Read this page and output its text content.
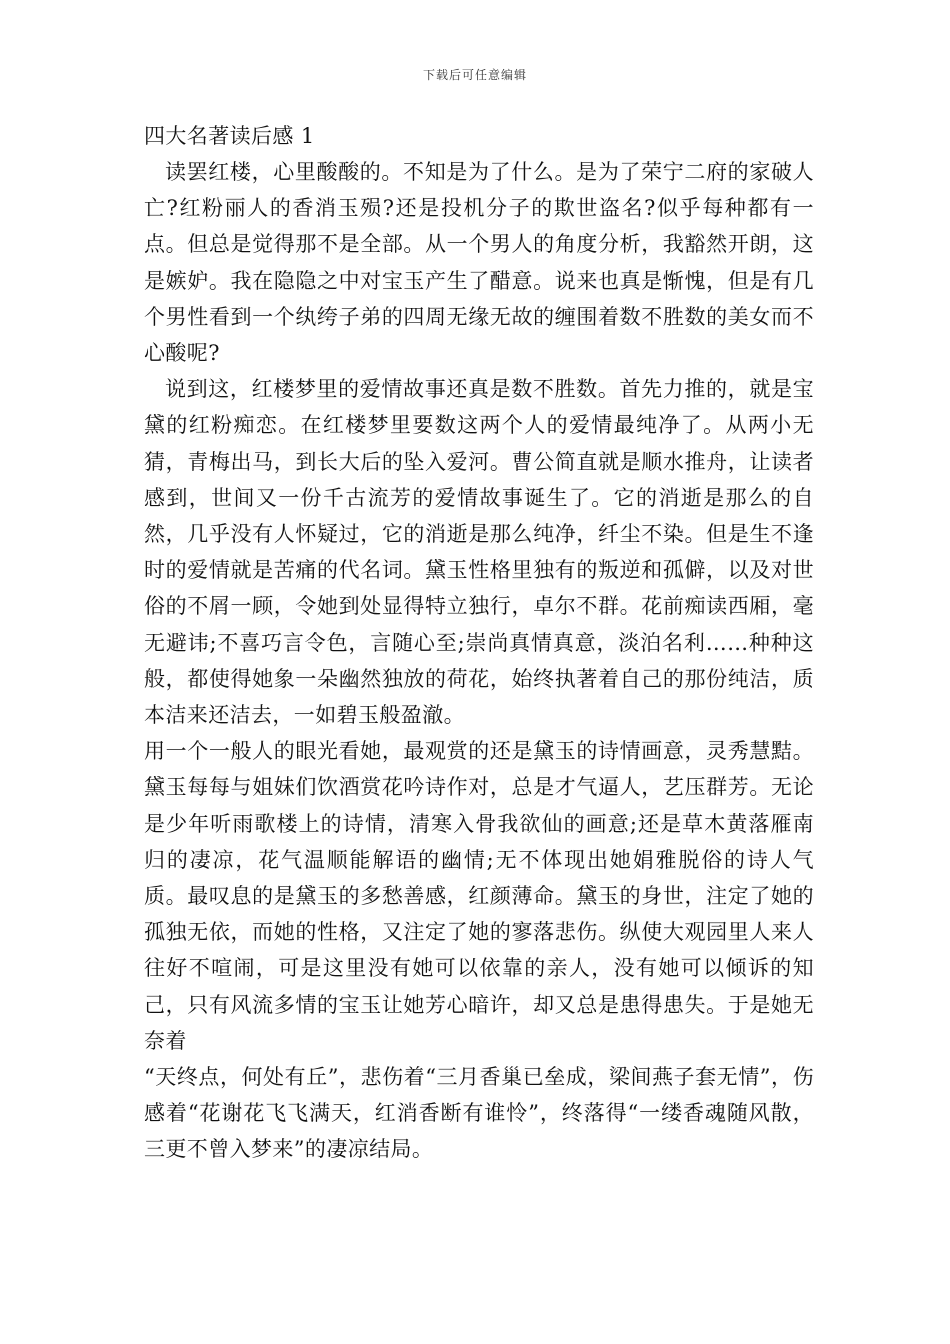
下载后可任意编辑
四大名著读后感 1

读罢红楼，心里酸酸的。不知是为了什么。是为了荣宁二府的家破人亡?红粉丽人的香消玉殒?还是投机分子的欺世盗名?似乎每种都有一点。但总是觉得那不是全部。从一个男人的角度分析，我豁然开朗，这是嫉妒。我在隐隐之中对宝玉产生了醋意。说来也真是惭愧，但是有几个男性看到一个纨绔子弟的四周无缘无故的缠围着数不胜数的美女而不心酸呢?

说到这，红楼梦里的爱情故事还真是数不胜数。首先力推的，就是宝黛的红粉痴恋。在红楼梦里要数这两个人的爱情最纯净了。从两小无猜，青梅出马，到长大后的坠入爱河。曹公简直就是顺水推舟，让读者感到，世间又一份千古流芳的爱情故事诞生了。它的消逝是那么的自然，几乎没有人怀疑过，它的消逝是那么纯净，纤尘不染。但是生不逢时的爱情就是苦痛的代名词。黛玉性格里独有的叛逆和孤僻，以及对世俗的不屑一顾，令她到处显得特立独行，卓尔不群。花前痴读西厢，毫无避讳;不喜巧言令色，言随心至;崇尚真情真意，淡泊名利……种种这般，都使得她象一朵幽然独放的荷花，始终执著着自己的那份纯洁，质本洁来还洁去，一如碧玉般盈澈。

用一个一般人的眼光看她，最观赏的还是黛玉的诗情画意，灵秀慧黠。黛玉每每与姐妹们饮酒赏花吟诗作对，总是才气逼人，艺压群芳。无论是少年听雨歌楼上的诗情，清寒入骨我欲仙的画意;还是草木黄落雁南归的凄凉，花气温顺能解语的幽情;无不体现出她娟雅脱俗的诗人气质。最叹息的是黛玉的多愁善感，红颜薄命。黛玉的身世，注定了她的孤独无依，而她的性格，又注定了她的寥落悲伤。纵使大观园里人来人往好不喧闹，可是这里没有她可以依靠的亲人，没有她可以倾诉的知己，只有风流多情的宝玉让她芳心暗许，却又总是患得患失。于是她无奈着

“天终点，何处有丘”，悲伤着“三月香巢已垒成，梁间燕子套无情”，伤感着“花谢花飞飞满天，红消香断有谁怜”，终落得“一缕香魂随风散，三更不曾入梦来”的凄凉结局。
